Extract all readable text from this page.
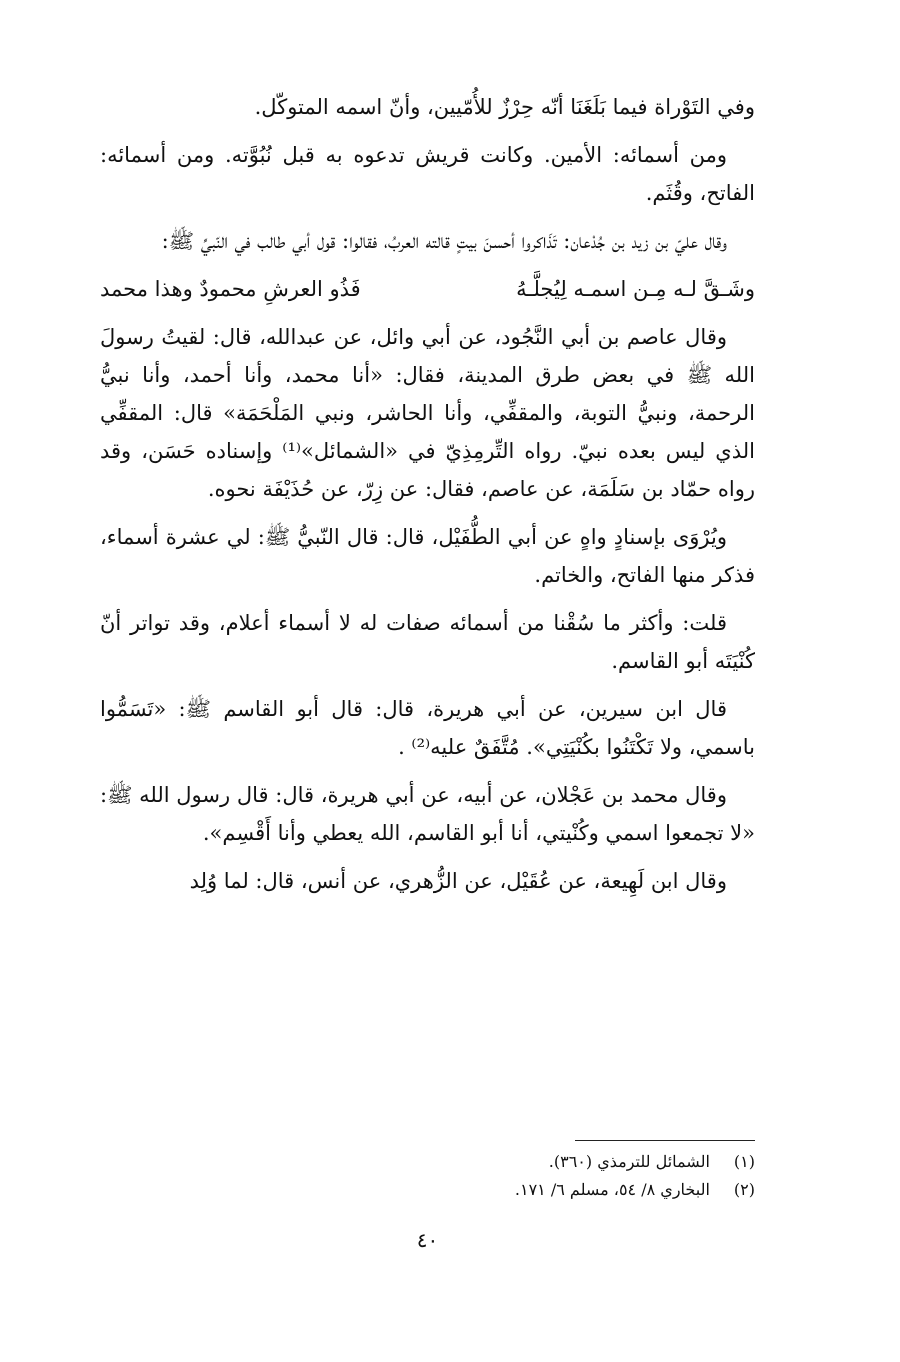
وفي التَوْراة فيما بَلَغَنَا أنّه حِرْزٌ للأُمّيين، وأنّ اسمه المتوكّل.

ومن أسمائه: الأمين. وكانت قريش تدعوه به قبل نُبُوَّته. ومن أسمائه: الفاتح، وقُثَم.

وقال عليّ بن زيد بن جُدْعان: تَذَاكروا أحسنَ بيتٍ قالته العربُ، فقالوا: قول أبي طالب في النّبيِّ ﷺ:

وشَـقَّ لـه مِـن اسمـه لِيُجلَّـهُ
فَذُو العرشِ محمودٌ وهذا محمد

وقال عاصم بن أبي النَّجُود، عن أبي وائل، عن عبدالله، قال: لقيتُ رسولَ الله ﷺ في بعض طرق المدينة، فقال: «أنا محمد، وأنا أحمد، وأنا نبيُّ الرحمة، ونبيُّ التوبة، والمقفِّي، وأنا الحاشر، ونبي المَلْحَمَة» قال: المقفِّي الذي ليس بعده نبيّ. رواه التِّرمِذِيّ في «الشمائل»⁽¹⁾ وإسناده حَسَن، وقد رواه حمّاد بن سَلَمَة، عن عاصم، فقال: عن زِرّ، عن حُذَيْفَة نحوه.

ويُرْوَى بإسنادٍ واهٍ عن أبي الطُّفَيْل، قال: قال النّبيُّ ﷺ: لي عشرة أسماء، فذكر منها الفاتح، والخاتم.

قلت: وأكثر ما سُقْنا من أسمائه صفات له لا أسماء أعلام، وقد تواتر أنّ كُنْيَتَه أبو القاسم.

قال ابن سيرين، عن أبي هريرة، قال: قال أبو القاسم ﷺ: «تَسَمُّوا باسمي، ولا تَكْتَنُوا بكُنْيَتِي». مُتَّفَقٌ عليه⁽²⁾ .

وقال محمد بن عَجْلان، عن أبيه، عن أبي هريرة، قال: قال رسول الله ﷺ: «لا تجمعوا اسمي وكُنْيتي، أنا أبو القاسم، الله يعطي وأنا أَقْسِم».

وقال ابن لَهِيعة، عن عُقَيْل، عن الزُّهري، عن أنس، قال: لما وُلِد

(١) الشمائل للترمذي (٣٦٠).
(٢) البخاري ٨/ ٥٤، مسلم ٦/ ١٧١.
٤٠
